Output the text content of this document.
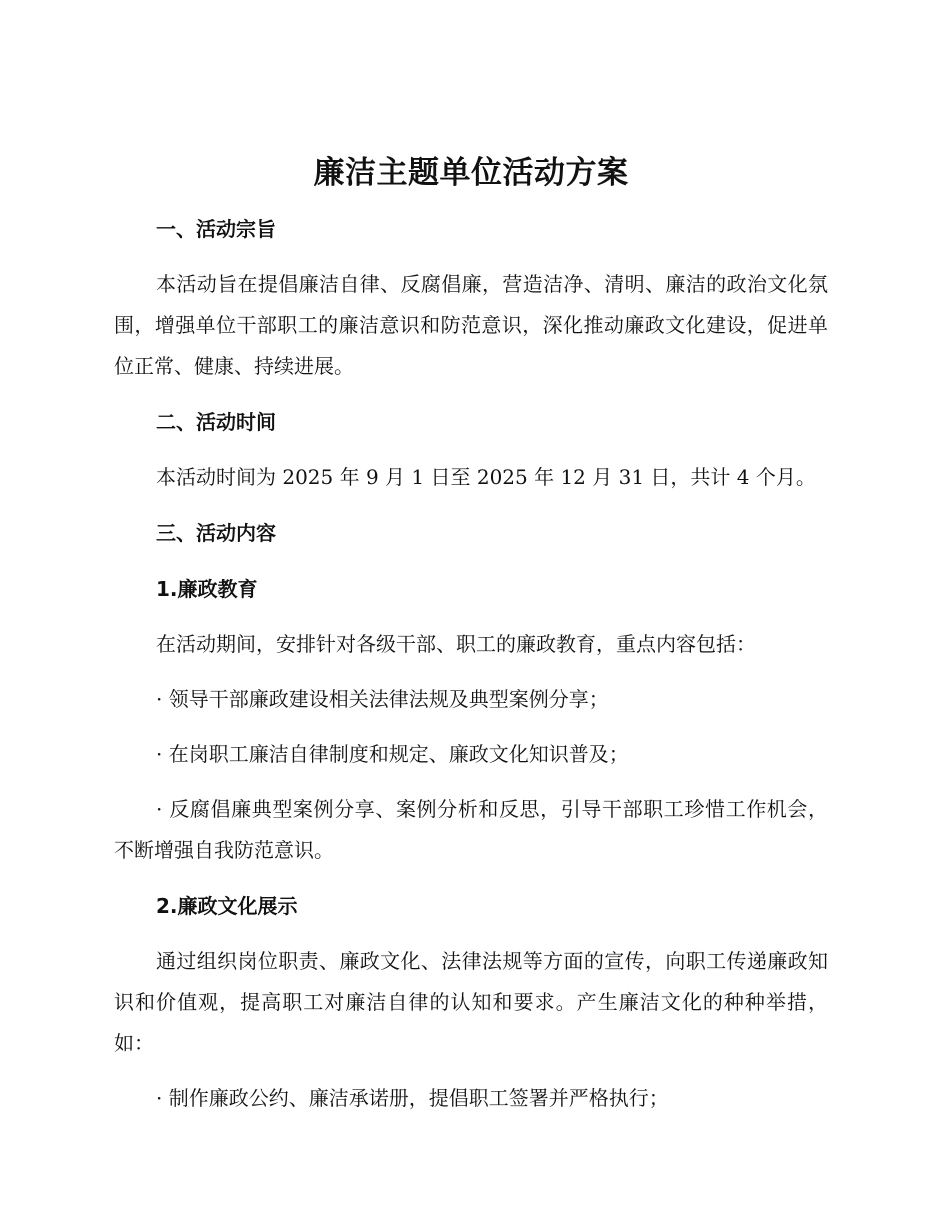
廉洁主题单位活动方案

一、活动宗旨

本活动旨在提倡廉洁自律、反腐倡廉，营造洁净、清明、廉洁的政治文化氛围，增强单位干部职工的廉洁意识和防范意识，深化推动廉政文化建设，促进单位正常、健康、持续进展。

二、活动时间

本活动时间为 2025 年 9 月 1 日至 2025 年 12 月 31 日，共计 4 个月。

三、活动内容

1.廉政教育

在活动期间，安排针对各级干部、职工的廉政教育，重点内容包括：

· 领导干部廉政建设相关法律法规及典型案例分享；

· 在岗职工廉洁自律制度和规定、廉政文化知识普及；

· 反腐倡廉典型案例分享、案例分析和反思，引导干部职工珍惜工作机会，不断增强自我防范意识。

2.廉政文化展示

通过组织岗位职责、廉政文化、法律法规等方面的宣传，向职工传递廉政知识和价值观，提高职工对廉洁自律的认知和要求。产生廉洁文化的种种举措，如：

· 制作廉政公约、廉洁承诺册，提倡职工签署并严格执行；
